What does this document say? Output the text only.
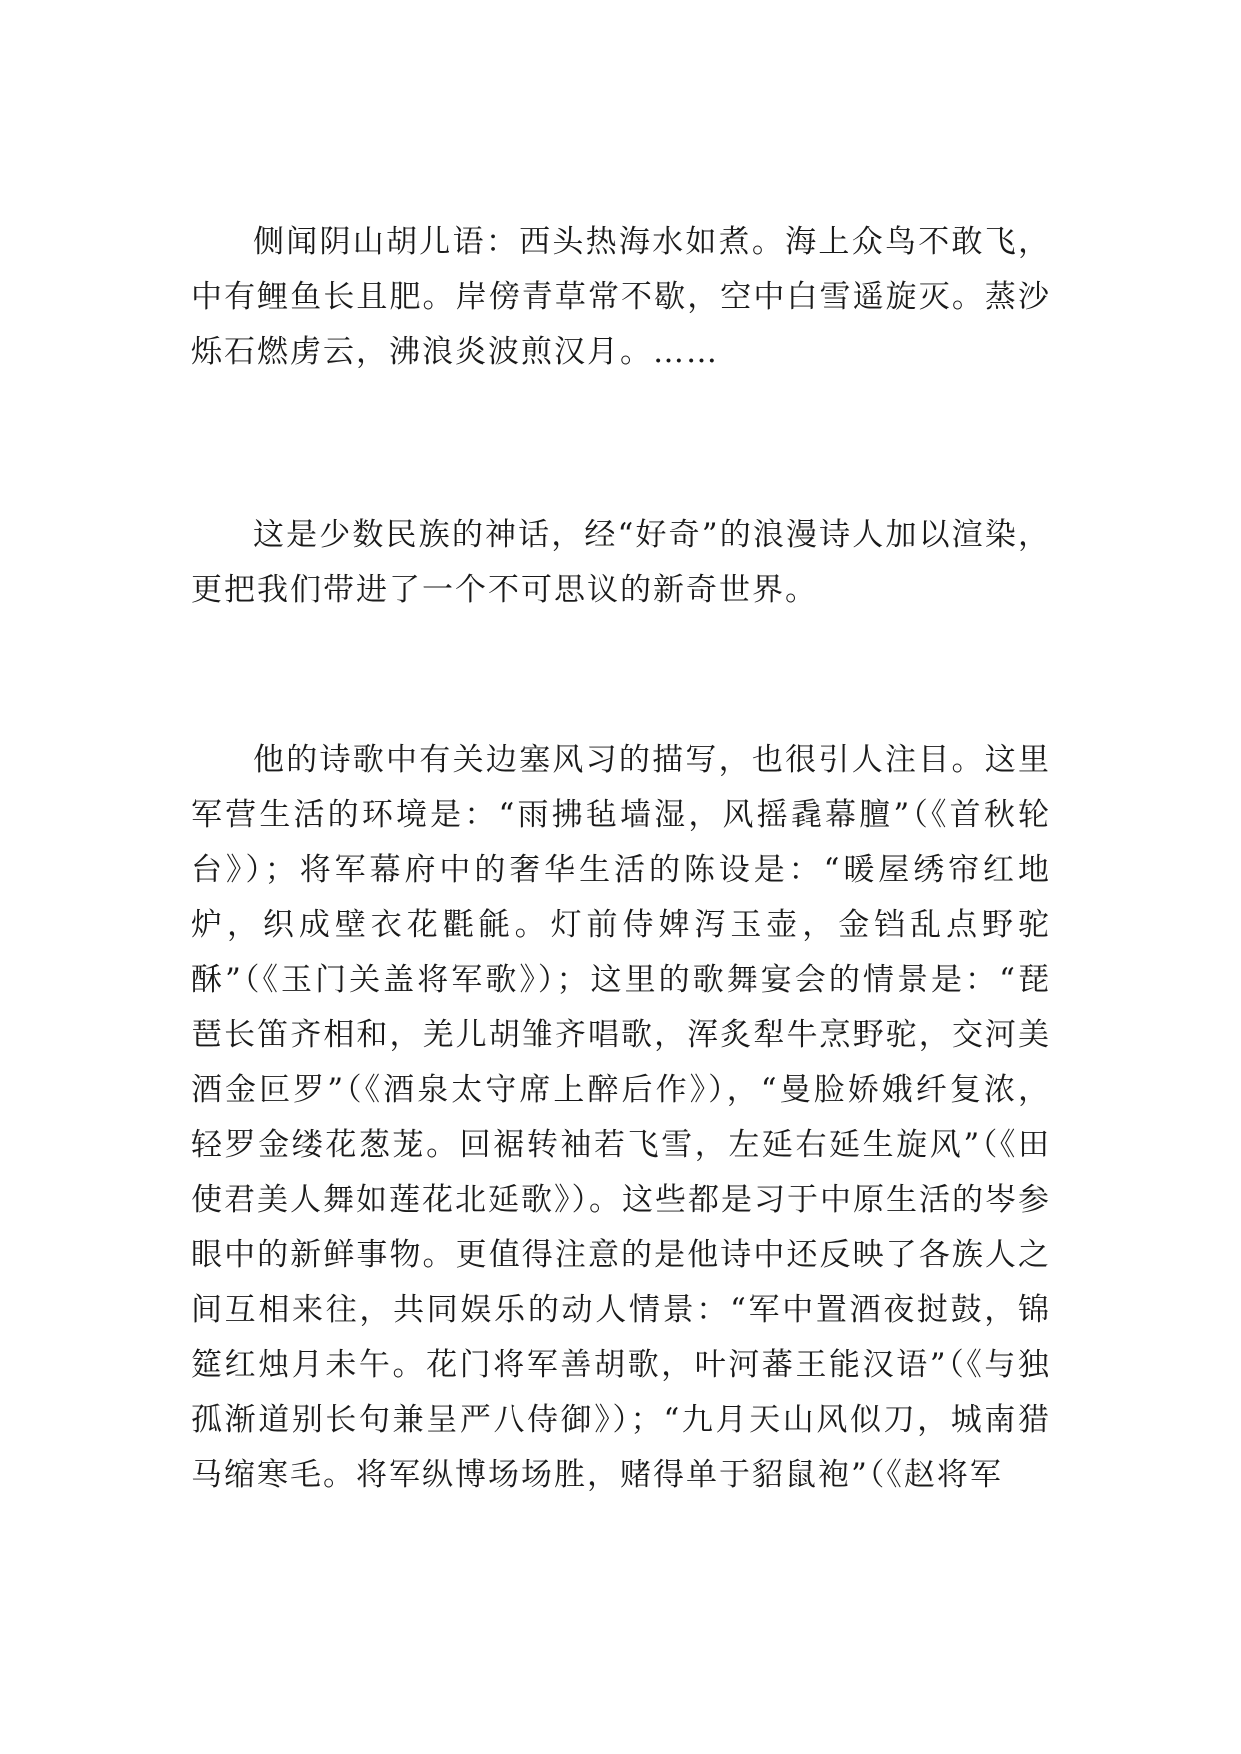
侧闻阴山胡儿语：西头热海水如煮。海上众鸟不敢飞，中有鲤鱼长且肥。岸傍青草常不歇，空中白雪遥旋灭。蒸沙烁石燃虏云，沸浪炎波煎汉月。……

这是少数民族的神话，经“好奇”的浪漫诗人加以渲染，更把我们带进了一个不可思议的新奇世界。

他的诗歌中有关边塞风习的描写，也很引人注目。这里军营生活的环境是：“雨拂毡墙湿，风摇毳幕膻”（《首秋轮台》）；将军幕府中的奢华生活的陈设是：“暖屋绣帘红地炉，织成壁衣花氍毹。灯前侍婢泻玉壶，金铛乱点野驼酥”（《玉门关盖将军歌》）；这里的歌舞宴会的情景是：“琵琶长笛齐相和，羌儿胡雏齐唱歌，浑炙犁牛烹野驼，交河美酒金叵罗”（《酒泉太守席上醉后作》），“曼脸娇娥纤复浓，轻罗金缕花葱茏。回裾转袖若飞雪，左延右延生旋风”（《田使君美人舞如莲花北延歌》）。这些都是习于中原生活的岑参眼中的新鲜事物。更值得注意的是他诗中还反映了各族人之间互相来往，共同娱乐的动人情景：“军中置酒夜挝鼓，锦筵红烛月未午。花门将军善胡歌，叶河蕃王能汉语”（《与独孤渐道别长句兼呈严八侍御》）；“九月天山风似刀，城南猎马缩寒毛。将军纵博场场胜，赌得单于貂鼠袍”（《赵将军
